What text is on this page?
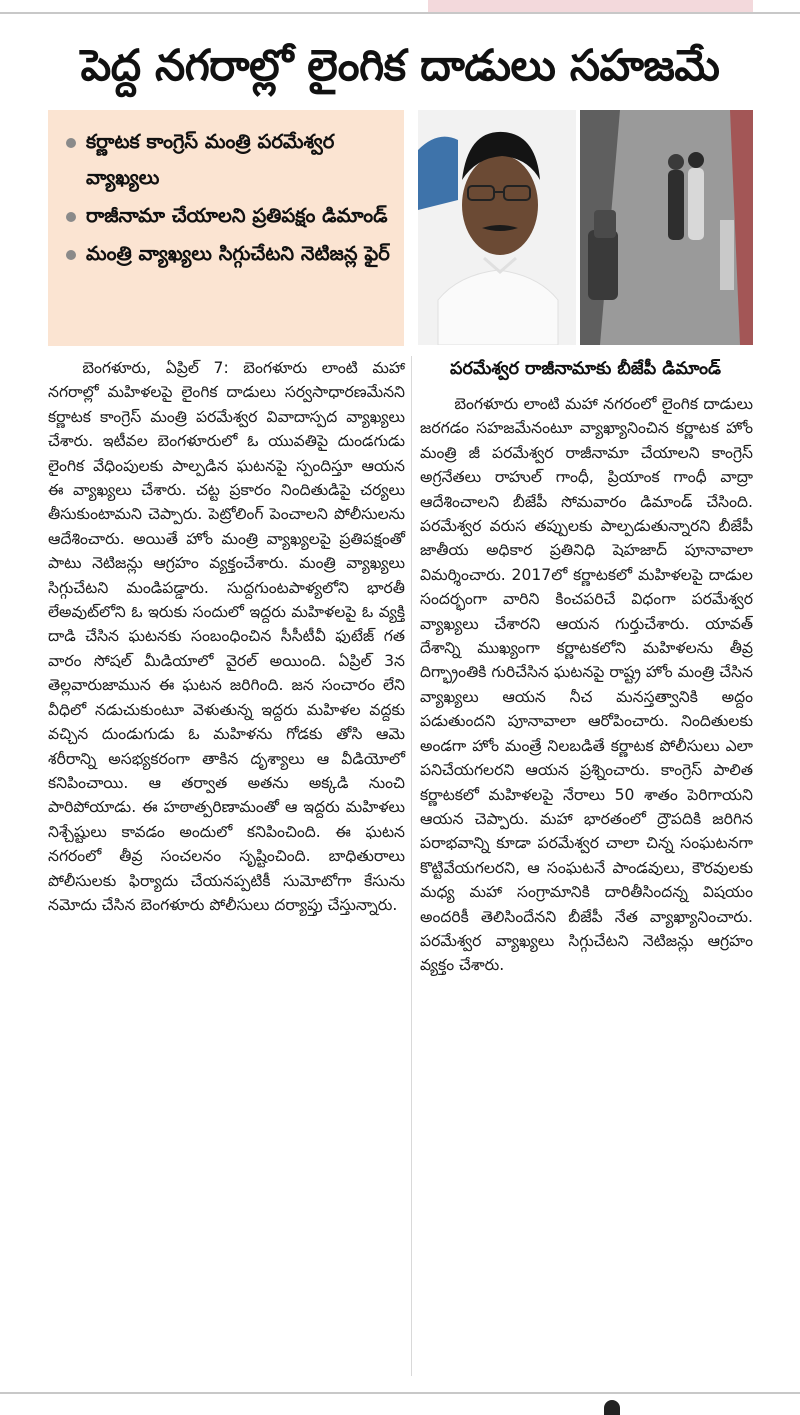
పెద్ద నగరాల్లో లైంగిక దాడులు సహజమే
కర్ణాటక కాంగ్రెస్ మంత్రి పరమేశ్వర వ్యాఖ్యలు
రాజీనామా చేయాలని ప్రతిపక్షం డిమాండ్
మంత్రి వ్యాఖ్యలు సిగ్గుచేటని నెటిజన్ల ఫైర్
పరమేశ్వర రాజీనామాకు బీజేపీ డిమాండ్

బెంగళూరు, ఏప్రిల్ 7: బెంగళూరు లాంటి మహా నగరాల్లో మహిళలపై లైంగిక దాడులు సర్వసాధారణమేనని కర్ణాటక కాంగ్రెస్ మంత్రి పరమేశ్వర వివాదాస్పద వ్యాఖ్యలు చేశారు. ఇటీవల బెంగళూరులో ఓ యువతిపై దుండగుడు లైంగిక వేధింపులకు పాల్పడిన ఘటనపై స్పందిస్తూ ఆయన ఈ వ్యాఖ్యలు చేశారు. చట్ట ప్రకారం నిందితుడిపై చర్యలు తీసుకుంటామని చెప్పారు. పెట్రోలింగ్ పెంచాలని పోలీసులను ఆదేశించారు. అయితే హోం మంత్రి వ్యాఖ్యలపై ప్రతిపక్షంతో పాటు నెటిజన్లు ఆగ్రహం వ్యక్తంచేశారు. మంత్రి వ్యాఖ్యలు సిగ్గుచేటని మండిపడ్డారు. సుద్దగుంటపాళ్యలోని భారతీ లేఅవుట్‌లోని ఓ ఇరుకు సందులో ఇద్దరు మహిళలపై ఓ వ్యక్తి దాడి చేసిన ఘటనకు సంబంధించిన సీసీటీవీ ఫుటేజ్ గత వారం సోషల్ మీడియాలో వైరల్ అయింది. ఏప్రిల్ 3న తెల్లవారుజామున ఈ ఘటన జరిగింది. జన సంచారం లేని వీధిలో నడుచుకుంటూ వెళుతున్న ఇద్దరు మహిళల వద్దకు వచ్చిన దుండుగుడు ఓ మహిళను గోడకు తోసి ఆమె శరీరాన్ని అసభ్యకరంగా తాకిన దృశ్యాలు ఆ వీడియోలో కనిపించాయి. ఆ తర్వాత అతను అక్కడి నుంచి పారిపోయాడు. ఈ హఠాత్పరిణామంతో ఆ ఇద్దరు మహిళలు నిశ్చేష్టులు కావడం అందులో కనిపించింది. ఈ ఘటన నగరంలో తీవ్ర సంచలనం సృష్టించింది. బాధితురాలు పోలీసులకు ఫిర్యాదు చేయనప్పటికీ సుమోటోగా కేసును నమోదు చేసిన బెంగళూరు పోలీసులు దర్యాప్తు చేస్తున్నారు.

బెంగళూరు లాంటి మహా నగరంలో లైంగిక దాడులు జరగడం సహజమేనంటూ వ్యాఖ్యానించిన కర్ణాటక హోం మంత్రి జీ పరమేశ్వర రాజీనామా చేయాలని కాంగ్రెస్ అగ్రనేతలు రాహుల్ గాంధీ, ప్రియాంక గాంధీ వాద్రా ఆదేశించాలని బీజేపీ సోమవారం డిమాండ్ చేసింది. పరమేశ్వర వరుస తప్పులకు పాల్పడుతున్నారని బీజేపీ జాతీయ అధికార ప్రతినిధి షెహజాద్ పూనావాలా విమర్శించారు. 2017లో కర్ణాటకలో మహిళలపై దాడుల సందర్భంగా వారిని కించపరిచే విధంగా పరమేశ్వర వ్యాఖ్యలు చేశారని ఆయన గుర్తుచేశారు. యావత్ దేశాన్ని ముఖ్యంగా కర్ణాటకలోని మహిళలను తీవ్ర దిగ్భ్రాంతికి గురిచేసిన ఘటనపై రాష్ట్ర హోం మంత్రి చేసిన వ్యాఖ్యలు ఆయన నీచ మనస్తత్వానికి అద్దం పడుతుందని పూనావాలా ఆరోపించారు. నిందితులకు అండగా హోం మంత్రే నిలబడితే కర్ణాటక పోలీసులు ఎలా పనిచేయగలరని ఆయన ప్రశ్నించారు. కాంగ్రెస్ పాలిత కర్ణాటకలో మహిళలపై నేరాలు 50 శాతం పెరిగాయని ఆయన చెప్పారు. మహా భారతంలో ద్రౌపదికి జరిగిన పరాభవాన్ని కూడా పరమేశ్వర చాలా చిన్న సంఘటనగా కొట్టివేయగలరని, ఆ సంఘటనే పాండవులు, కౌరవులకు మధ్య మహా సంగ్రామానికి దారితీసిందన్న విషయం అందరికీ తెలిసిందేనని బీజేపీ నేత వ్యాఖ్యానించారు. పరమేశ్వర వ్యాఖ్యలు సిగ్గుచేటని నెటిజన్లు ఆగ్రహం వ్యక్తం చేశారు.
